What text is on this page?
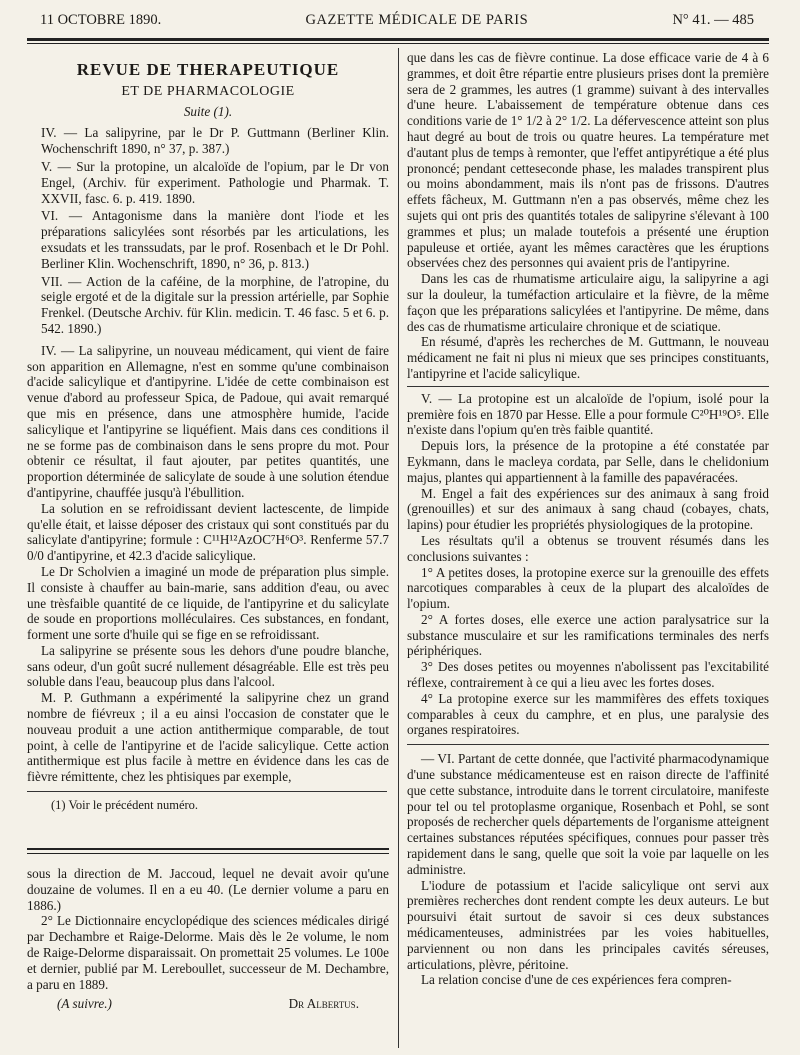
11 OCTOBRE 1890.	GAZETTE MÉDICALE DE PARIS	N° 41. — 485
REVUE DE THERAPEUTIQUE
ET DE PHARMACOLOGIE
Suite (1).

IV. — La salipyrine, par le Dr P. Guttmann (Berliner Klin. Wochenschrift 1890, n° 37, p. 387.)

V. — Sur la protopine, un alcaloïde de l'opium, par le Dr von Engel, (Archiv. für experiment. Pathologie und Pharmak. T. XXVII, fasc. 6. p. 419. 1890.

VI. — Antagonisme dans la manière dont l'iode et les préparations salicylées sont résorbés par les articulations, les exsudats et les transsudats, par le prof. Rosenbach et le Dr Pohl. Berliner Klin. Wochenschrift, 1890, n° 36, p. 813.)

VII. — Action de la caféine, de la morphine, de l'atropine, du seigle ergoté et de la digitale sur la pression artérielle, par Sophie Frenkel. (Deutsche Archiv. für Klin. medicin. T. 46 fasc. 5 et 6. p. 542. 1890.)

IV. — La salipyrine, un nouveau médicament, qui vient de faire son apparition en Allemagne, n'est en somme qu'une combinaison d'acide salicylique et d'antipyrine. L'idée de cette combinaison est venue d'abord au professeur Spica, de Padoue, qui avait remarqué que mis en présence, dans une atmosphère humide, l'acide salicylique et l'antipyrine se liquéfient. Mais dans ces conditions il ne se forme pas de combinaison dans le sens propre du mot. Pour obtenir ce résultat, il faut ajouter, par petites quantités, une proportion déterminée de salicylate de soude à une solution étendue d'antipyrine, chauffée jusqu'à l'ébullition.

La solution en se refroidissant devient lactescente, de limpide qu'elle était, et laisse déposer des cristaux qui sont constitués par du salicylate d'antipyrine; formule : C¹¹H¹²AzOC⁷H⁶O³. Renferme 57.7 0/0 d'antipyrine, et 42.3 d'acide salicylique.

Le Dr Scholvien a imaginé un mode de préparation plus simple. Il consiste à chauffer au bain-marie, sans addition d'eau, ou avec une trèsfaible quantité de ce liquide, de l'antipyrine et du salicylate de soude en proportions molléculaires. Ces substances, en fondant, forment une sorte d'huile qui se fige en se refroidissant.

La salipyrine se présente sous les dehors d'une poudre blanche, sans odeur, d'un goût sucré nullement désagréable. Elle est très peu soluble dans l'eau, beaucoup plus dans l'alcool.

M. P. Guthmann a expérimenté la salipyrine chez un grand nombre de fiévreux ; il a eu ainsi l'occasion de constater que le nouveau produit a une action antithermique comparable, de tout point, à celle de l'antipyrine et de l'acide salicylique. Cette action antithermique est plus facile à mettre en évidence dans les cas de fièvre rémittente, chez les phtisiques par exemple,

(1) Voir le précédent numéro.

sous la direction de M. Jaccoud, lequel ne devait avoir qu'une douzaine de volumes. Il en a eu 40. (Le dernier volume a paru en 1886.)

2° Le Dictionnaire encyclopédique des sciences médicales dirigé par Dechambre et Raige-Delorme. Mais dès le 2e volume, le nom de Raige-Delorme disparaissait. On promettait 25 volumes. Le 100e et dernier, publié par M. Lereboullet, successeur de M. Dechambre, a paru en 1889.

(A suivre.)	Dr Albertus.

que dans les cas de fièvre continue. La dose efficace varie de 4 à 6 grammes, et doit être répartie entre plusieurs prises dont la première sera de 2 grammes, les autres (1 gramme) suivant à des intervalles d'une heure. L'abaissement de température obtenue dans ces conditions varie de 1° 1/2 à 2° 1/2. La défervescence atteint son plus haut degré au bout de trois ou quatre heures. La température met d'autant plus de temps à remonter, que l'effet antipyrétique a été plus prononcé; pendant cetteseconde phase, les malades transpirent plus ou moins abondamment, mais ils n'ont pas de frissons. D'autres effets fâcheux, M. Guttmann n'en a pas observés, même chez les sujets qui ont pris des quantités totales de salipyrine s'élevant à 100 grammes et plus; un malade toutefois a présenté une éruption papuleuse et ortiée, ayant les mêmes caractères que les éruptions observées chez des personnes qui avaient pris de l'antipyrine.

Dans les cas de rhumatisme articulaire aigu, la salipyrine a agi sur la douleur, la tuméfaction articulaire et la fièvre, de la même façon que les préparations salicylées et l'antipyrine. De même, dans des cas de rhumatisme articulaire chronique et de sciatique.

En résumé, d'après les recherches de M. Guttmann, le nouveau médicament ne fait ni plus ni mieux que ses principes constituants, l'antipyrine et l'acide salicylique.

V. — La protopine est un alcaloïde de l'opium, isolé pour la première fois en 1870 par Hesse. Elle a pour formule C²⁰H¹⁹O⁵. Elle n'existe dans l'opium qu'en très faible quantité.

Depuis lors, la présence de la protopine a été constatée par Eykmann, dans le macleya cordata, par Selle, dans le chelidonium majus, plantes qui appartiennent à la famille des papavéracées.

M. Engel a fait des expériences sur des animaux à sang froid (grenouilles) et sur des animaux à sang chaud (cobayes, chats, lapins) pour étudier les propriétés physiologiques de la protopine.

Les résultats qu'il a obtenus se trouvent résumés dans les conclusions suivantes :

1° A petites doses, la protopine exerce sur la grenouille des effets narcotiques comparables à ceux de la plupart des alcaloïdes de l'opium.

2° A fortes doses, elle exerce une action paralysatrice sur la substance musculaire et sur les ramifications terminales des nerfs périphériques.

3° Des doses petites ou moyennes n'abolissent pas l'excitabilité réflexe, contrairement à ce qui a lieu avec les fortes doses.

4° La protopine exerce sur les mammifères des effets toxiques comparables à ceux du camphre, et en plus, une paralysie des organes respiratoires.

— VI. Partant de cette donnée, que l'activité pharmacodynamique d'une substance médicamenteuse est en raison directe de l'affinité que cette substance, introduite dans le torrent circulatoire, manifeste pour tel ou tel protoplasme organique, Rosenbach et Pohl, se sont proposés de rechercher quels départements de l'organisme atteignent certaines substances réputées spécifiques, connues pour passer très rapidement dans le sang, quelle que soit la voie par laquelle on les administre.

L'iodure de potassium et l'acide salicylique ont servi aux premières recherches dont rendent compte les deux auteurs. Le but poursuivi était surtout de savoir si ces deux substances médicamenteuses, administrées par les voies habituelles, parviennent ou non dans les principales cavités séreuses, articulations, plèvre, péritoine.

La relation concise d'une de ces expériences fera compren-
